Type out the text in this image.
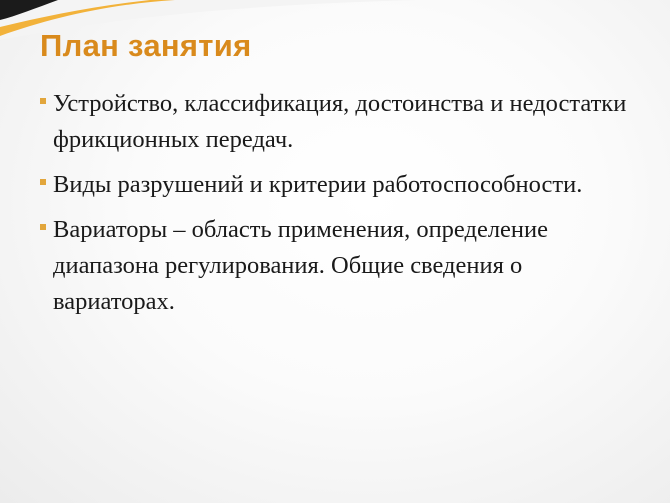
План занятия
Устройство, классификация, достоинства и недостатки фрикционных передач.
Виды разрушений и критерии работоспособности.
Вариаторы – область применения, определение диапазона регулирования. Общие сведения о вариаторах.
